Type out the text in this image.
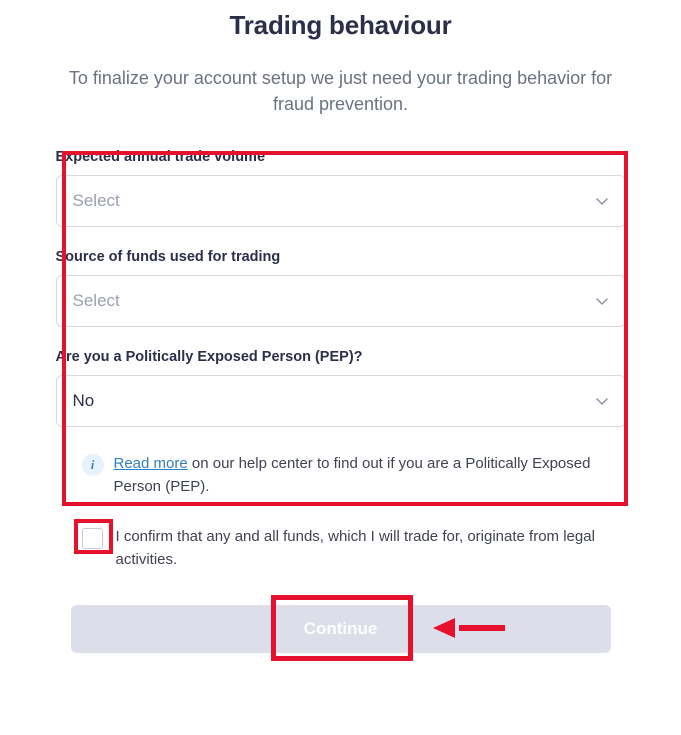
Trading behaviour

To finalize your account setup we just need your trading behavior for fraud prevention.

Expected annual trade volume
Select
Source of funds used for trading
Select
Are you a Politically Exposed Person (PEP)?
No
i	Read more on our help center to find out if you are a Politically Exposed Person (PEP).
I confirm that any and all funds, which I will trade for, originate from legal activities.
Continue
